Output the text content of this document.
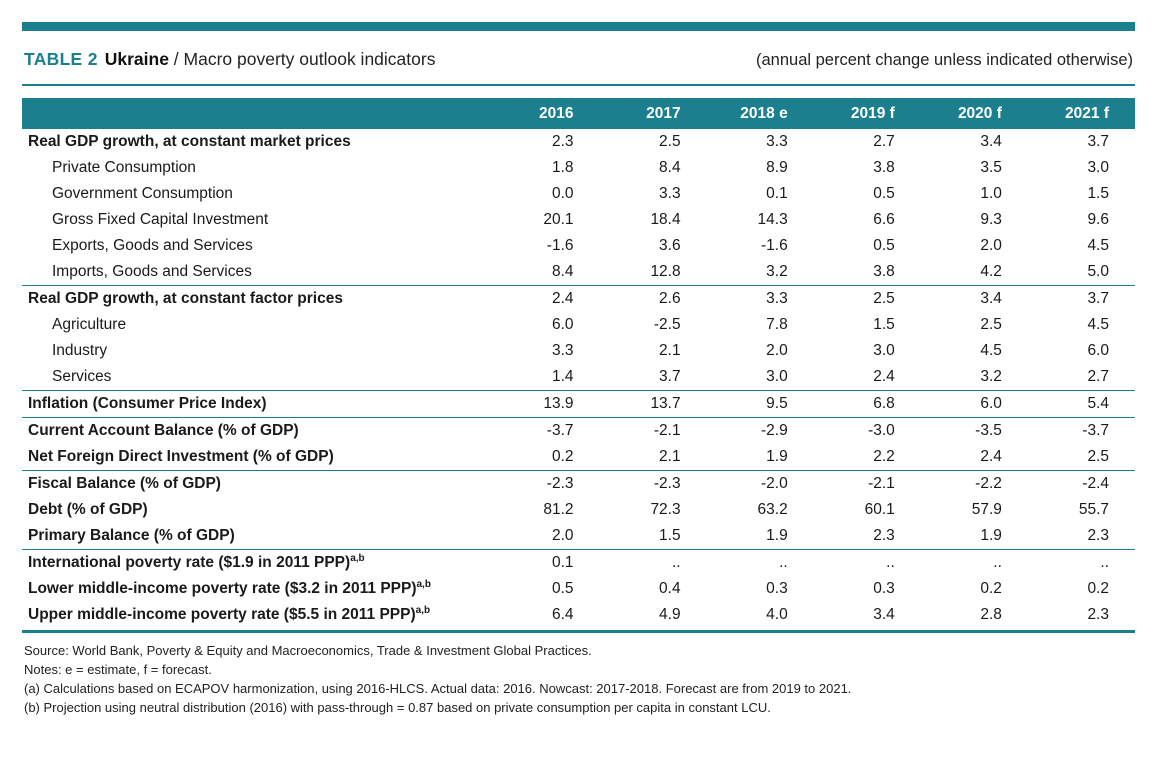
TABLE 2 Ukraine / Macro poverty outlook indicators	(annual percent change unless indicated otherwise)
	2016	2017	2018 e	2019 f	2020 f	2021 f
Real GDP growth, at constant market prices	2.3	2.5	3.3	2.7	3.4	3.7
Private Consumption	1.8	8.4	8.9	3.8	3.5	3.0
Government Consumption	0.0	3.3	0.1	0.5	1.0	1.5
Gross Fixed Capital Investment	20.1	18.4	14.3	6.6	9.3	9.6
Exports, Goods and Services	-1.6	3.6	-1.6	0.5	2.0	4.5
Imports, Goods and Services	8.4	12.8	3.2	3.8	4.2	5.0
Real GDP growth, at constant factor prices	2.4	2.6	3.3	2.5	3.4	3.7
Agriculture	6.0	-2.5	7.8	1.5	2.5	4.5
Industry	3.3	2.1	2.0	3.0	4.5	6.0
Services	1.4	3.7	3.0	2.4	3.2	2.7
Inflation (Consumer Price Index)	13.9	13.7	9.5	6.8	6.0	5.4
Current Account Balance (% of GDP)	-3.7	-2.1	-2.9	-3.0	-3.5	-3.7
Net Foreign Direct Investment (% of GDP)	0.2	2.1	1.9	2.2	2.4	2.5
Fiscal Balance (% of GDP)	-2.3	-2.3	-2.0	-2.1	-2.2	-2.4
Debt (% of GDP)	81.2	72.3	63.2	60.1	57.9	55.7
Primary Balance (% of GDP)	2.0	1.5	1.9	2.3	1.9	2.3
International poverty rate ($1.9 in 2011 PPP)$^{a,b}$	0.1	..	..	..	..	..
Lower middle-income poverty rate ($3.2 in 2011 PPP)$^{a,b}$	0.5	0.4	0.3	0.3	0.2	0.2
Upper middle-income poverty rate ($5.5 in 2011 PPP)$^{a,b}$	6.4	4.9	4.0	3.4	2.8	2.3
Source: World Bank, Poverty & Equity and Macroeconomics, Trade & Investment Global Practices.
Notes: e = estimate, f = forecast.
(a) Calculations based on ECAPOV harmonization, using 2016-HLCS. Actual data: 2016. Nowcast: 2017-2018. Forecast are from 2019 to 2021.
(b) Projection using neutral distribution (2016) with pass-through = 0.87 based on private consumption per capita in constant LCU.
